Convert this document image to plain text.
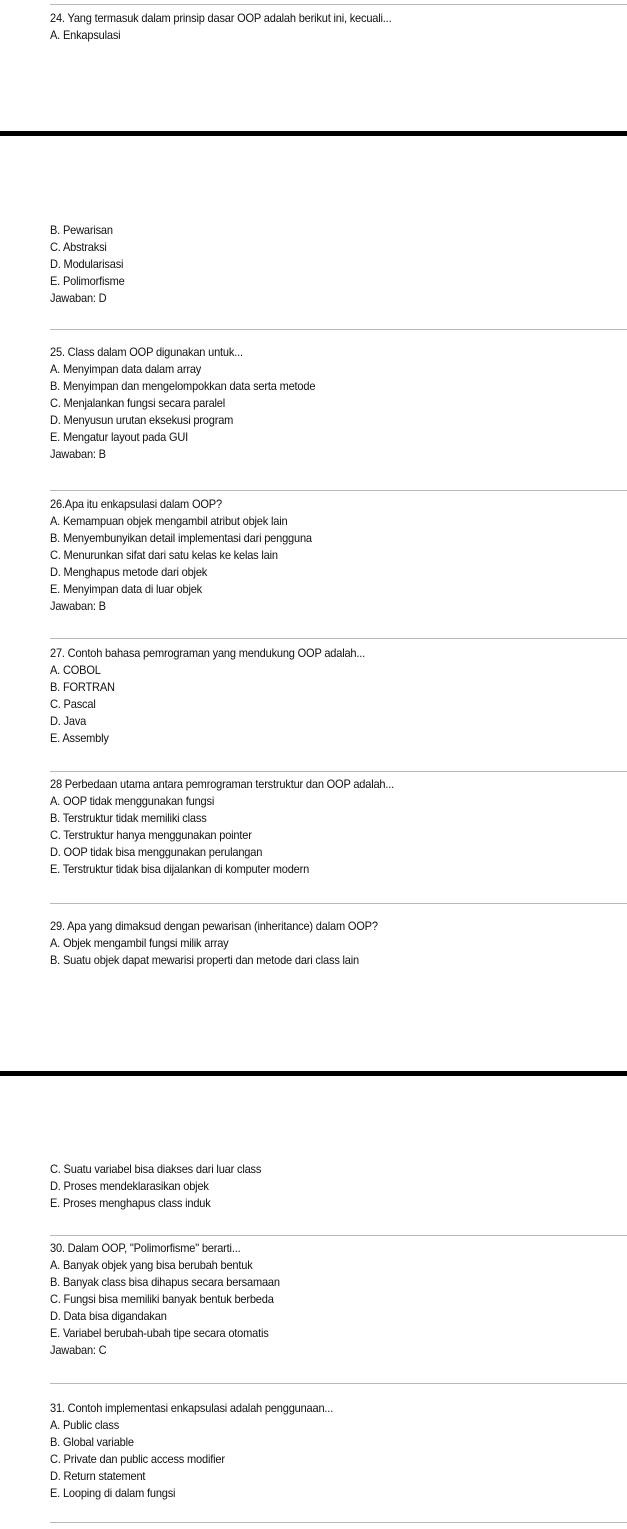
24. Yang termasuk dalam prinsip dasar OOP adalah berikut ini, kecuali...
A. Enkapsulasi
B. Pewarisan
C. Abstraksi
D. Modularisasi
E. Polimorfisme
Jawaban: D
25. Class dalam OOP digunakan untuk...
A. Menyimpan data dalam array
B. Menyimpan dan mengelompokkan data serta metode
C. Menjalankan fungsi secara paralel
D. Menyusun urutan eksekusi program
E. Mengatur layout pada GUI
Jawaban: B
26.Apa itu enkapsulasi dalam OOP?
A. Kemampuan objek mengambil atribut objek lain
B. Menyembunyikan detail implementasi dari pengguna
C. Menurunkan sifat dari satu kelas ke kelas lain
D. Menghapus metode dari objek
E. Menyimpan data di luar objek
Jawaban: B
27. Contoh bahasa pemrograman yang mendukung OOP adalah...
A. COBOL
B. FORTRAN
C. Pascal
D. Java
E. Assembly
28 Perbedaan utama antara pemrograman terstruktur dan OOP adalah...
A. OOP tidak menggunakan fungsi
B. Terstruktur tidak memiliki class
C. Terstruktur hanya menggunakan pointer
D. OOP tidak bisa menggunakan perulangan
E. Terstruktur tidak bisa dijalankan di komputer modern
29. Apa yang dimaksud dengan pewarisan (inheritance) dalam OOP?
A. Objek mengambil fungsi milik array
B. Suatu objek dapat mewarisi properti dan metode dari class lain
C. Suatu variabel bisa diakses dari luar class
D. Proses mendeklarasikan objek
E. Proses menghapus class induk
30. Dalam OOP, "Polimorfisme" berarti...
A. Banyak objek yang bisa berubah bentuk
B. Banyak class bisa dihapus secara bersamaan
C. Fungsi bisa memiliki banyak bentuk berbeda
D. Data bisa digandakan
E. Variabel berubah-ubah tipe secara otomatis
Jawaban: C
31. Contoh implementasi enkapsulasi adalah penggunaan...
A. Public class
B. Global variable
C. Private dan public access modifier
D. Return statement
E. Looping di dalam fungsi
